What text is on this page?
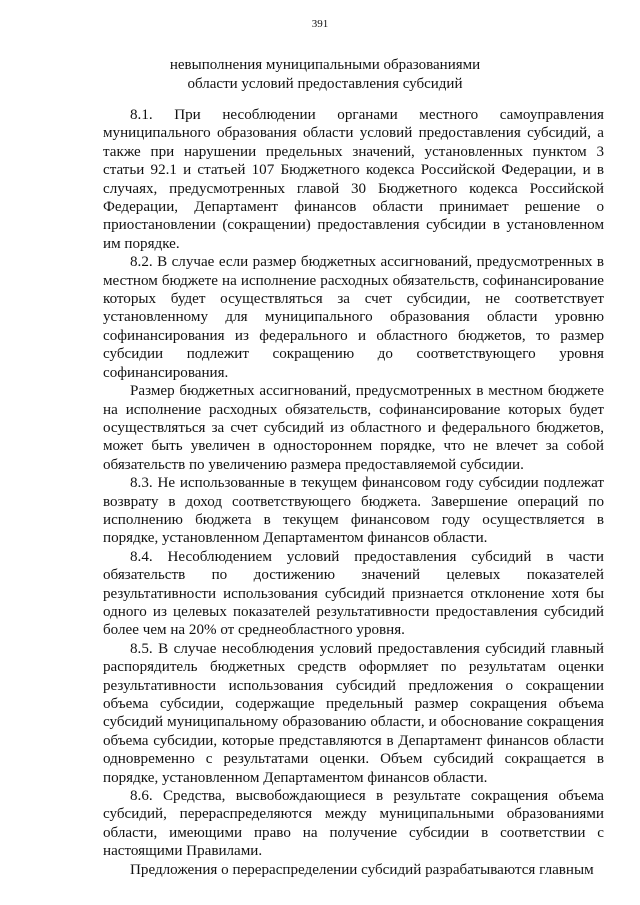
391
невыполнения муниципальными образованиями
области условий предоставления субсидий

8.1. При несоблюдении органами местного самоуправления муниципального образования области условий предоставления субсидий, а также при нарушении предельных значений, установленных пунктом 3 статьи 92.1 и статьей 107 Бюджетного кодекса Российской Федерации, и в случаях, предусмотренных главой 30 Бюджетного кодекса Российской Федерации, Департамент финансов области принимает решение о приостановлении (сокращении) предоставления субсидии в установленном им порядке.

8.2. В случае если размер бюджетных ассигнований, предусмотренных в местном бюджете на исполнение расходных обязательств, софинансирование которых будет осуществляться за счет субсидии, не соответствует установленному для муниципального образования области уровню софинансирования из федерального и областного бюджетов, то размер субсидии подлежит сокращению до соответствующего уровня софинансирования.

Размер бюджетных ассигнований, предусмотренных в местном бюджете на исполнение расходных обязательств, софинансирование которых будет осуществляться за счет субсидий из областного и федерального бюджетов, может быть увеличен в одностороннем порядке, что не влечет за собой обязательств по увеличению размера предоставляемой субсидии.

8.3. Не использованные в текущем финансовом году субсидии подлежат возврату в доход соответствующего бюджета. Завершение операций по исполнению бюджета в текущем финансовом году осуществляется в порядке, установленном Департаментом финансов области.

8.4. Несоблюдением условий предоставления субсидий в части обязательств по достижению значений целевых показателей результативности использования субсидий признается отклонение хотя бы одного из целевых показателей результативности предоставления субсидий более чем на 20% от среднеобластного уровня.

8.5. В случае несоблюдения условий предоставления субсидий главный распорядитель бюджетных средств оформляет по результатам оценки результативности использования субсидий предложения о сокращении объема субсидии, содержащие предельный размер сокращения объема субсидий муниципальному образованию области, и обоснование сокращения объема субсидии, которые представляются в Департамент финансов области одновременно с результатами оценки. Объем субсидий сокращается в порядке, установленном Департаментом финансов области.

8.6. Средства, высвобождающиеся в результате сокращения объема субсидий, перераспределяются между муниципальными образованиями области, имеющими право на получение субсидии в соответствии с настоящими Правилами.

Предложения о перераспределении субсидий разрабатываются главным
